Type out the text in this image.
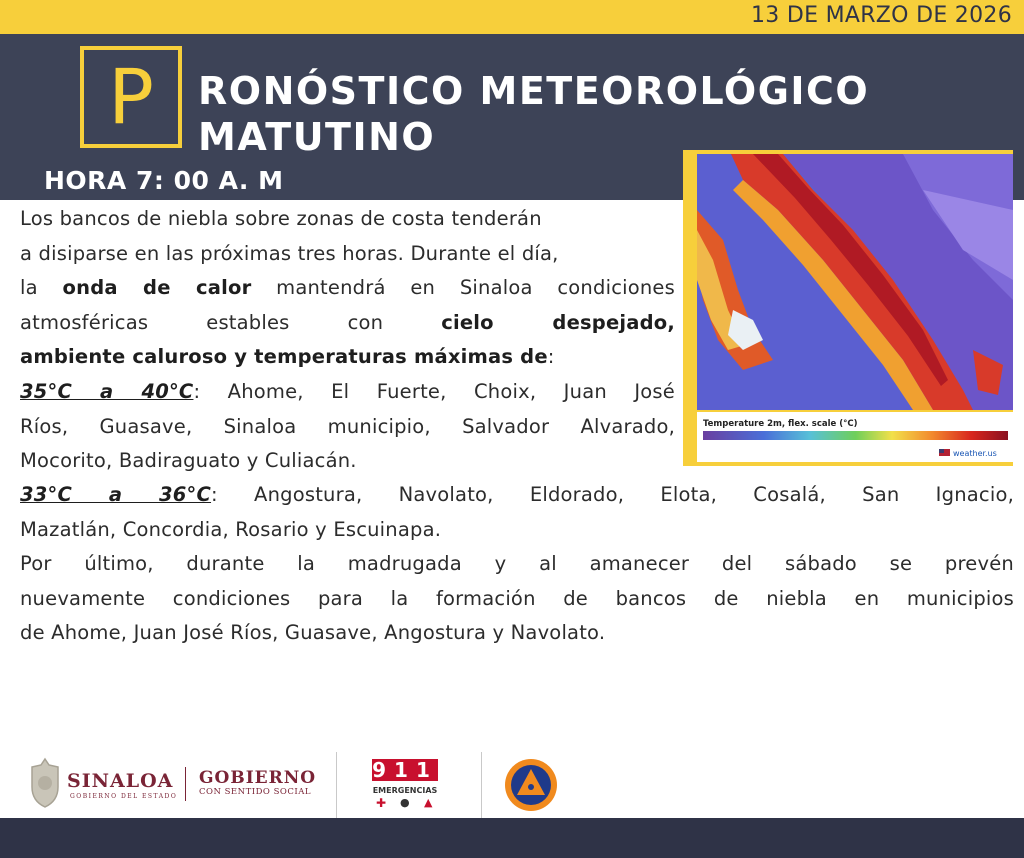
13 DE MARZO DE 2026
P	RONÓSTICO METEOROLÓGICO
MATUTINO
HORA 7: 00 A. M
Los bancos de niebla sobre zonas de costa tenderán
a disiparse en las próximas tres horas. Durante el día,
la onda de calor mantendrá en Sinaloa condiciones
atmosféricas estables con cielo despejado,
ambiente caluroso y temperaturas máximas de:
35°C a 40°C: Ahome, El Fuerte, Choix, Juan José
Ríos, Guasave, Sinaloa municipio, Salvador Alvarado,
Mocorito, Badiraguato y Culiacán.
33°C a 36°C: Angostura, Navolato, Eldorado, Elota, Cosalá, San Ignacio,
Mazatlán, Concordia, Rosario y Escuinapa.
Por último, durante la madrugada y al amanecer del sábado se prevén
nuevamente condiciones para la formación de bancos de niebla en municipios
de Ahome, Juan José Ríos, Guasave, Angostura y Navolato.
Temperature 2m, flex. scale (°C)
weather.us
SINALOA
GOBIERNO DEL ESTADO
GOBIERNO
CON SENTIDO SOCIAL
911
EMERGENCIAS
✚ ● ▲
